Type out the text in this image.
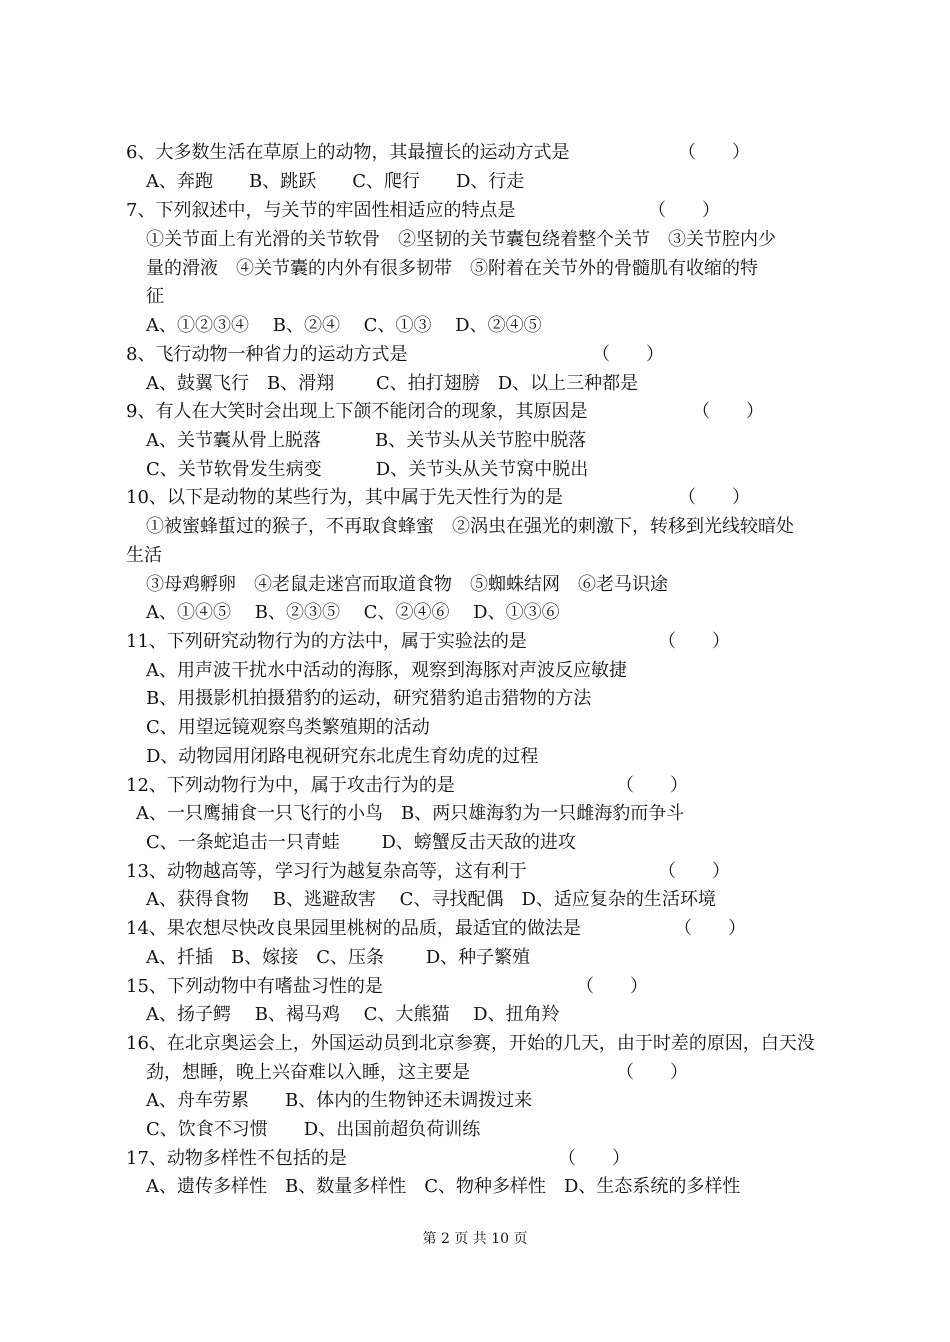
6、大多数生活在草原上的动物，其最擅长的运动方式是	（　　）
A、奔跑　　B、跳跃　　C、爬行　　D、行走
7、下列叙述中，与关节的牢固性相适应的特点是	（　　）
①关节面上有光滑的关节软骨　②坚韧的关节囊包绕着整个关节　③关节腔内少
量的滑液　④关节囊的内外有很多韧带　⑤附着在关节外的骨髓肌有收缩的特
征
A、①②③④　 B、②④　 C、①③　 D、②④⑤
8、飞行动物一种省力的运动方式是	（　　）
A、鼓翼飞行　B、滑翔　　 C、拍打翅膀　D、以上三种都是
9、有人在大笑时会出现上下颌不能闭合的现象，其原因是	（　　）
A、关节囊从骨上脱落　　　B、关节头从关节腔中脱落
C、关节软骨发生病变　　　D、关节头从关节窝中脱出
10、以下是动物的某些行为，其中属于先天性行为的是	（　　）
①被蜜蜂蜇过的猴子，不再取食蜂蜜　②涡虫在强光的刺激下，转移到光线较暗处
生活
③母鸡孵卵　④老鼠走迷宫而取道食物　⑤蜘蛛结网　⑥老马识途
A、①④⑤　 B、②③⑤　 C、②④⑥　 D、①③⑥
11、下列研究动物行为的方法中，属于实验法的是	（　　）
A、用声波干扰水中活动的海豚，观察到海豚对声波反应敏捷
B、用摄影机拍摄猎豹的运动，研究猎豹追击猎物的方法
C、用望远镜观察鸟类繁殖期的活动
D、动物园用闭路电视研究东北虎生育幼虎的过程
12、下列动物行为中，属于攻击行为的是	（　　）
A、一只鹰捕食一只飞行的小鸟　B、两只雄海豹为一只雌海豹而争斗
C、一条蛇追击一只青蛙　　 D、螃蟹反击天敌的进攻
13、动物越高等，学习行为越复杂高等，这有利于	（　　）
A、获得食物　 B、逃避敌害　 C、寻找配偶　D、适应复杂的生活环境
14、果农想尽快改良果园里桃树的品质，最适宜的做法是	（　　）
A、扦插　B、嫁接　C、压条　　 D、种子繁殖
15、下列动物中有嗜盐习性的是	（　　）
A、扬子鳄　 B、褐马鸡　 C、大熊猫　 D、扭角羚
16、在北京奥运会上，外国运动员到北京参赛，开始的几天，由于时差的原因，白天没
劲，想睡，晚上兴奋难以入睡，这主要是	（　　）
A、舟车劳累　　B、体内的生物钟还未调拨过来
C、饮食不习惯　　D、出国前超负荷训练
17、动物多样性不包括的是	（　　）
A、遗传多样性　B、数量多样性　C、物种多样性　D、生态系统的多样性
第 2 页 共 10 页
